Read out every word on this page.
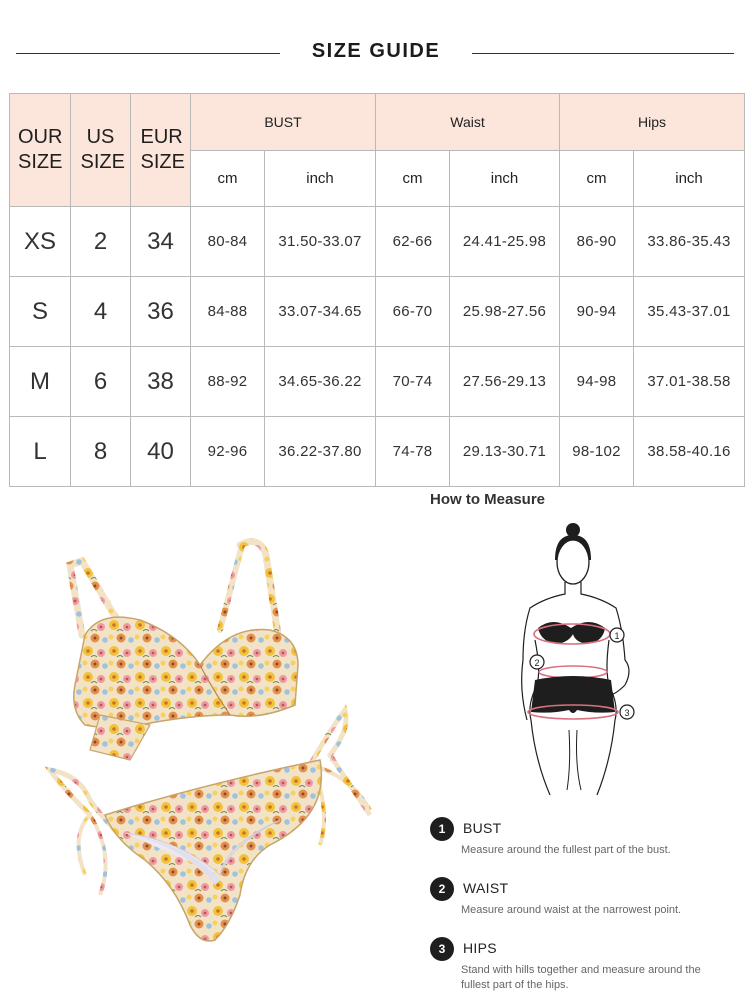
SIZE GUIDE
OUR SIZE	US SIZE	EUR SIZE	BUST		Waist		Hips	
			cm	inch	cm	inch	cm	inch
XS	2	34	80-84	31.50-33.07	62-66	24.41-25.98	86-90	33.86-35.43
S	4	36	84-88	33.07-34.65	66-70	25.98-27.56	90-94	35.43-37.01
M	6	38	88-92	34.65-36.22	70-74	27.56-29.13	94-98	37.01-38.58
L	8	40	92-96	36.22-37.80	74-78	29.13-30.71	98-102	38.58-40.16
How to Measure
1
2
3
1	BUST
Measure around the fullest part of the bust.
2	WAIST
Measure around waist at the narrowest point.
3	HIPS
Stand with hills together and measure around the fullest part of the hips.
